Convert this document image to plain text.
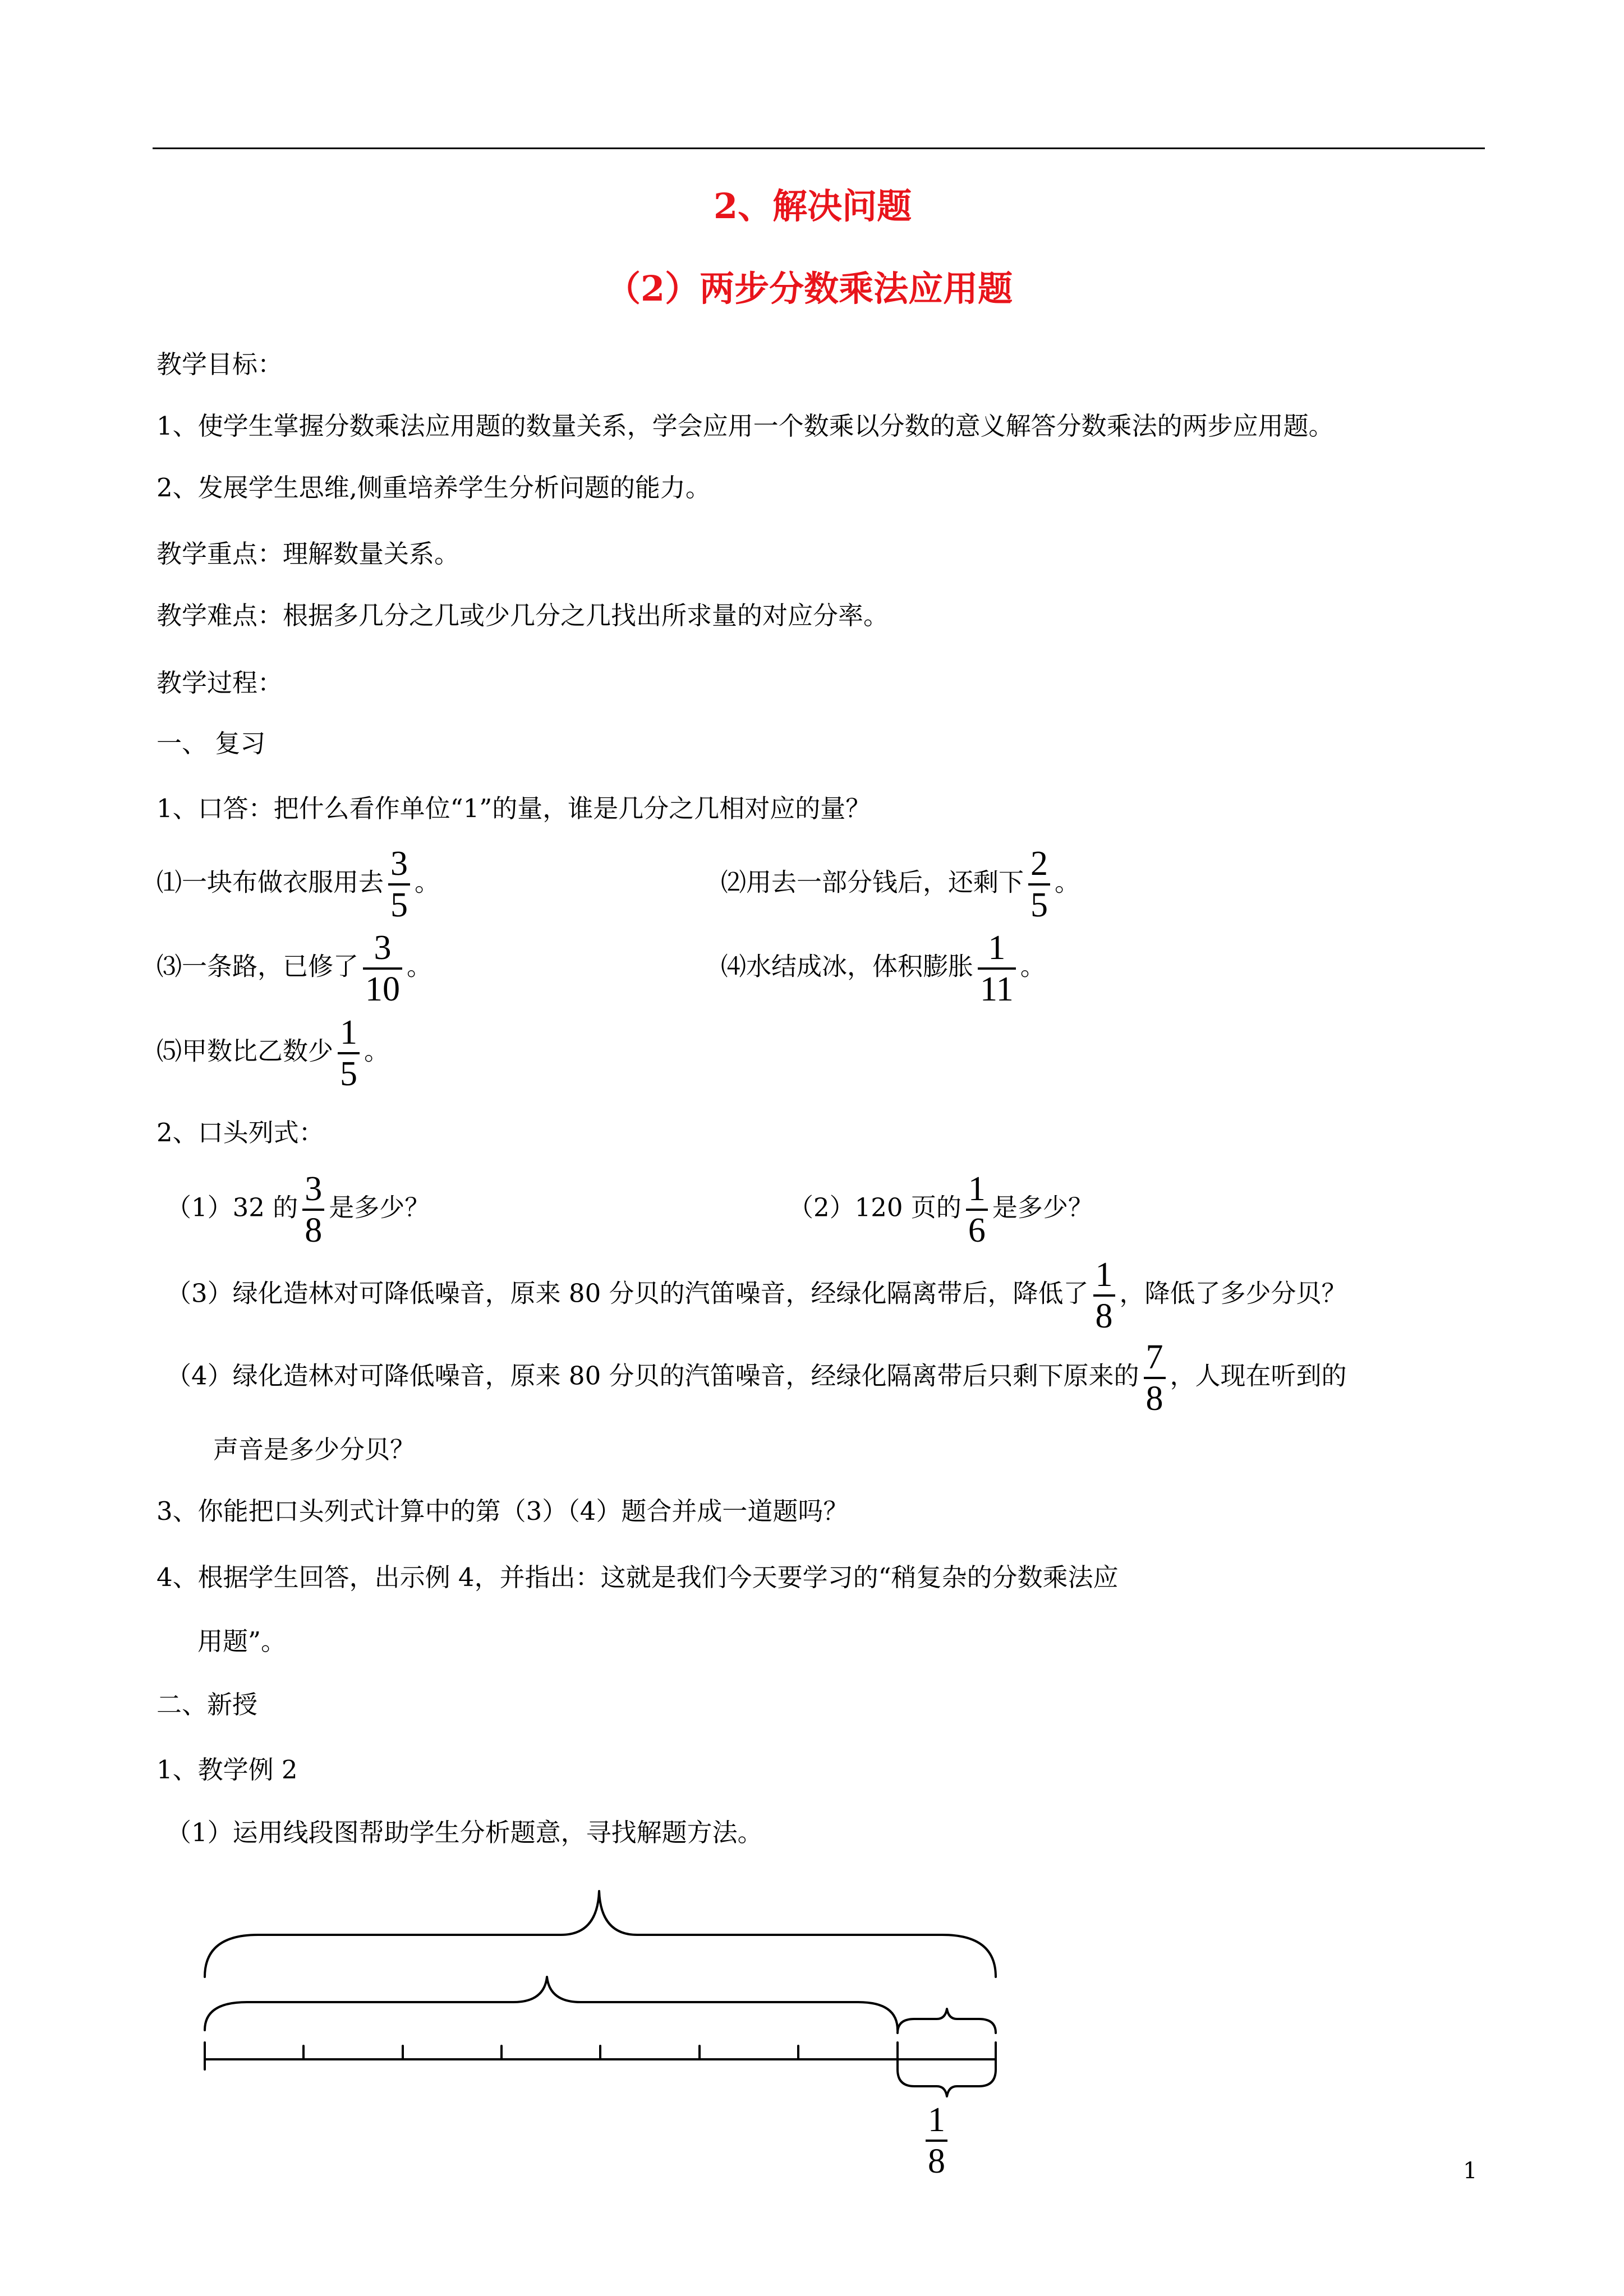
2、解决问题
（2）两步分数乘法应用题
教学目标：
1、使学生掌握分数乘法应用题的数量关系，学会应用一个数乘以分数的意义解答分数乘法的两步应用题。
2、发展学生思维,侧重培养学生分析问题的能力。
教学重点：理解数量关系。
教学难点：根据多几分之几或少几分之几找出所求量的对应分率。
教学过程：
一、 复习
1、口答：把什么看作单位“1”的量，谁是几分之几相对应的量？
⑴一块布做衣服用去 $\frac{3}{5}$ 。	⑵用去一部分钱后，还剩下 $\frac{2}{5}$ 。
⑶一条路，已修了 $\frac{3}{10}$ 。	⑷水结成冰，体积膨胀 $\frac{1}{11}$ 。
⑸甲数比乙数少 $\frac{1}{5}$ 。
2、口头列式：
（1）32 的 $\frac{3}{8}$ 是多少？	（2）120 页的 $\frac{1}{6}$ 是多少？
（3）绿化造林对可降低噪音，原来 80 分贝的汽笛噪音，经绿化隔离带后，降低了 $\frac{1}{8}$ ，降低了多少分贝？
（4）绿化造林对可降低噪音，原来 80 分贝的汽笛噪音，经绿化隔离带后只剩下原来的 $\frac{7}{8}$ ，人现在听到的
声音是多少分贝？
3、你能把口头列式计算中的第（3）（4）题合并成一道题吗？
4、根据学生回答，出示例 4，并指出：这就是我们今天要学习的“稍复杂的分数乘法应
用题”。
二、新授
1、教学例 2
（1）运用线段图帮助学生分析题意，寻找解题方法。
$\frac{1}{8}$	1
